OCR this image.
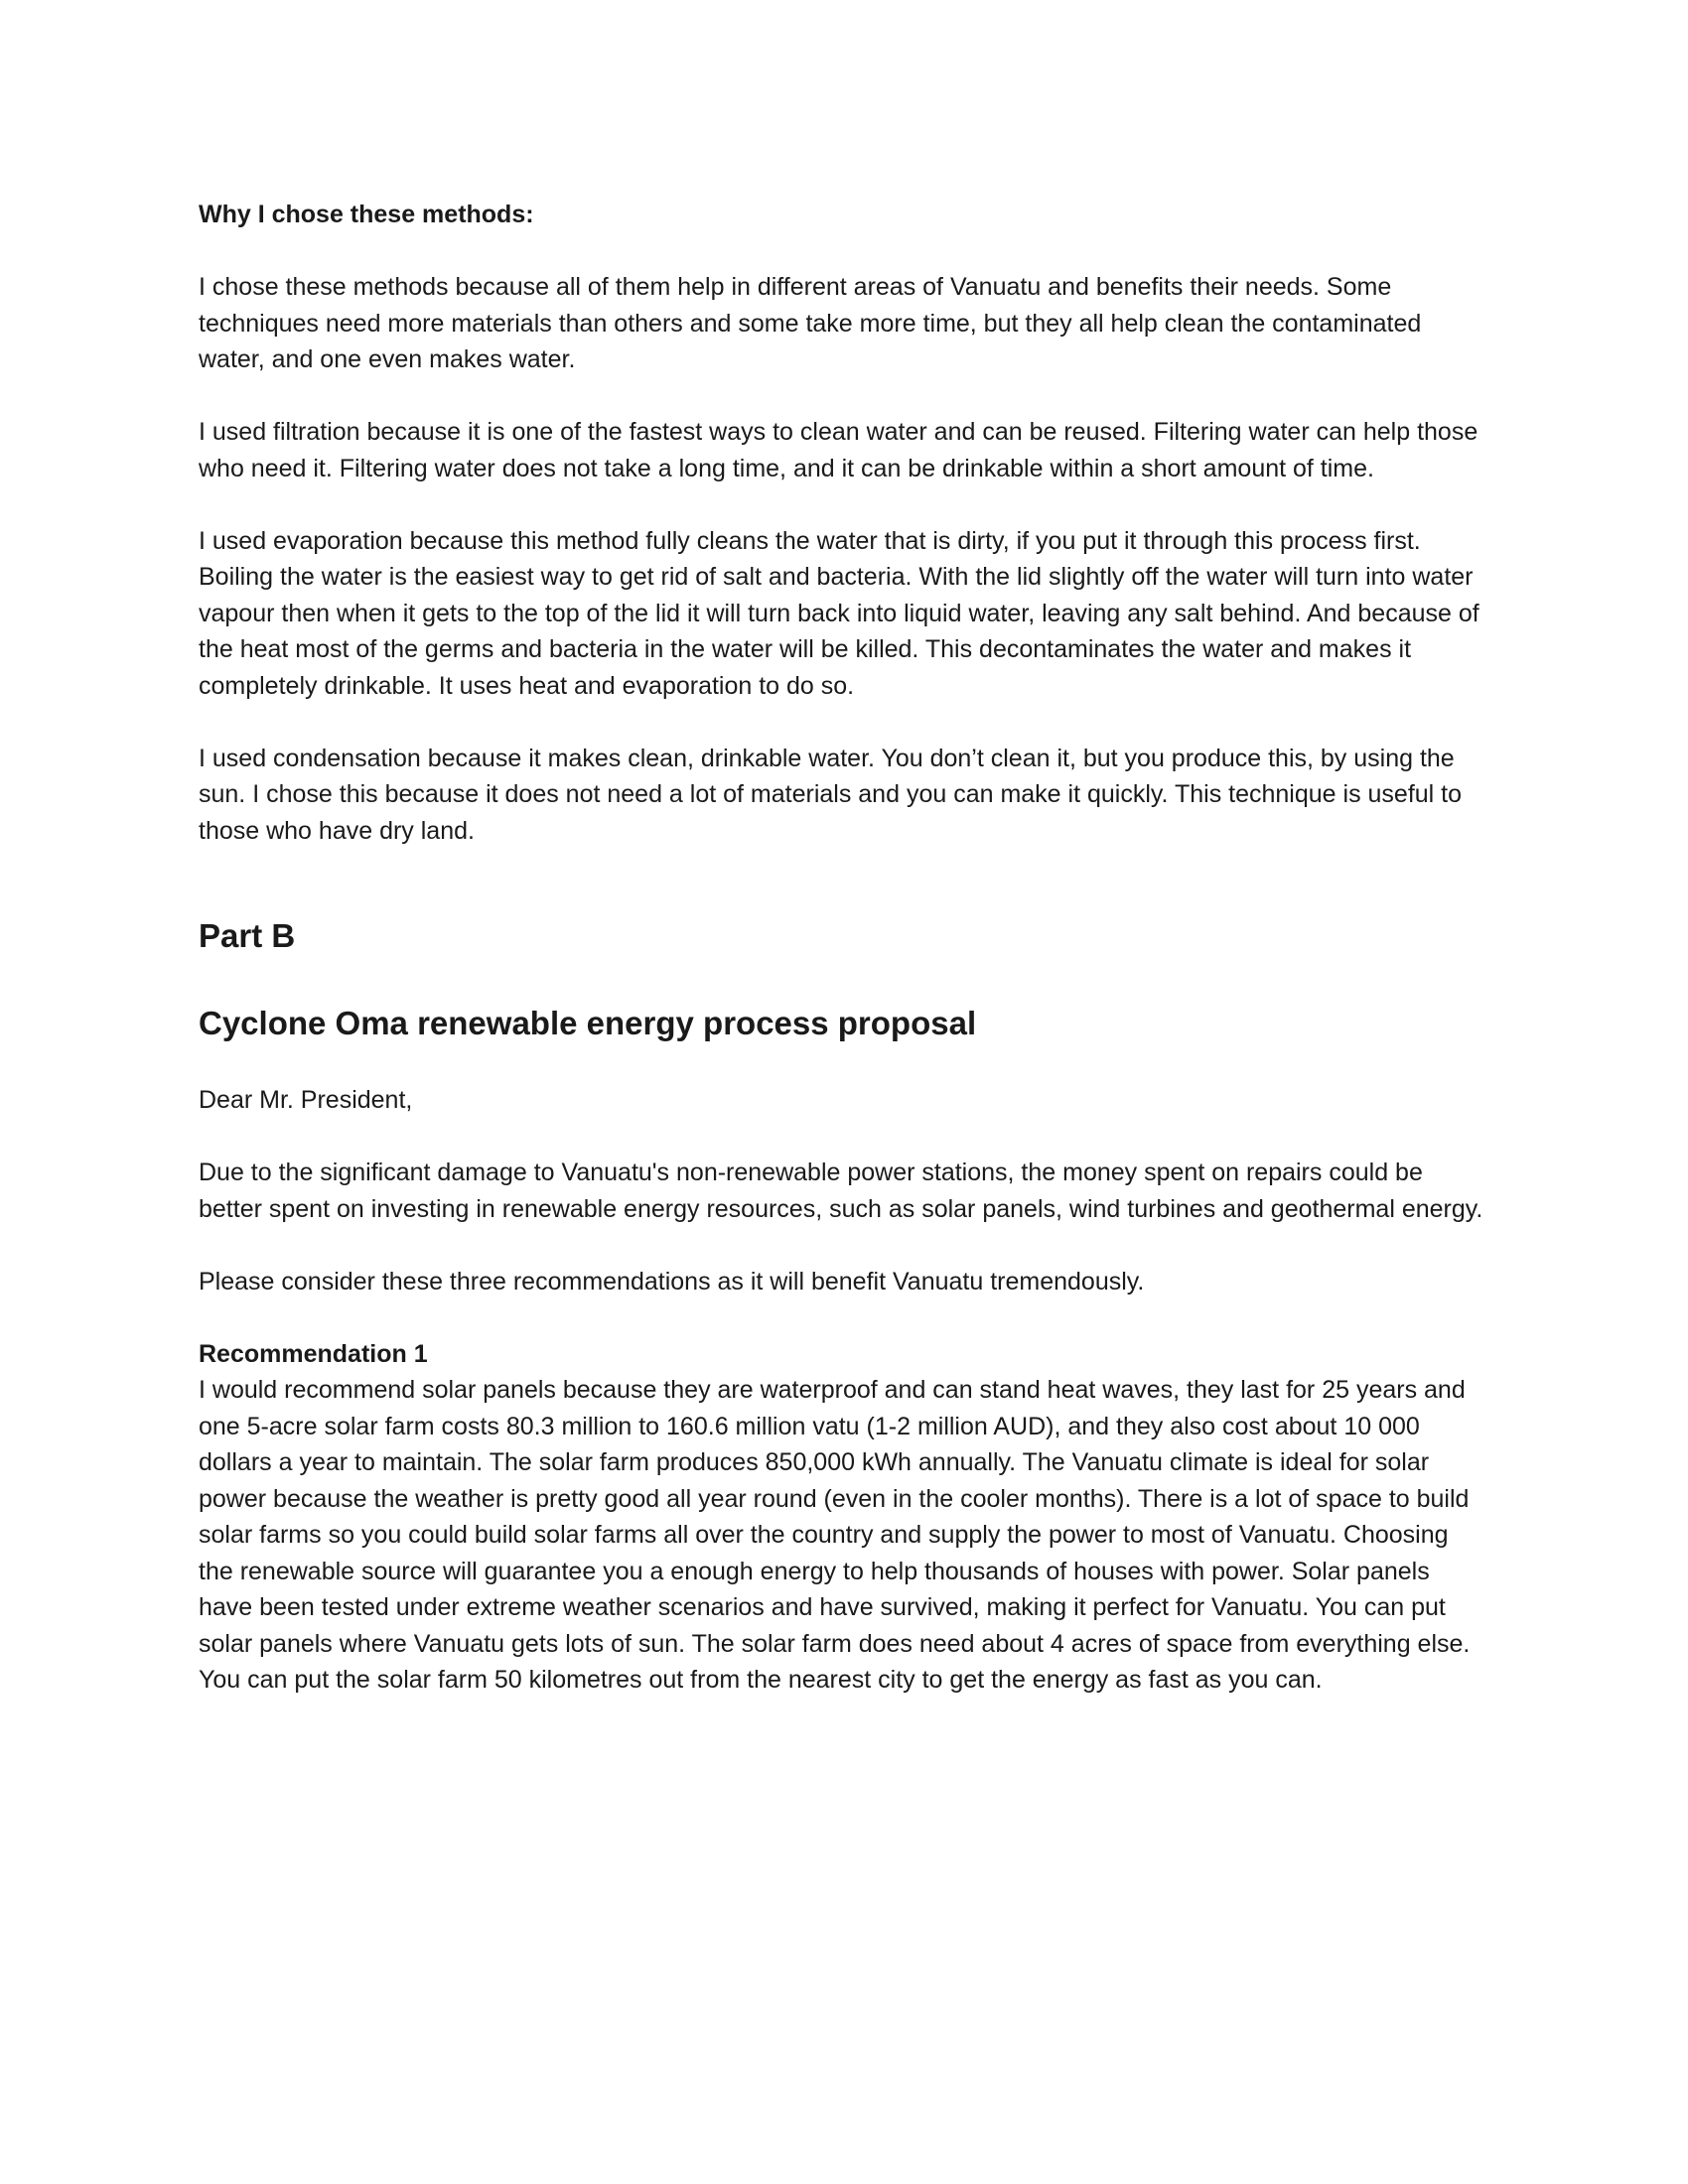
Why I chose these methods:

I chose these methods because all of them help in different areas of Vanuatu and benefits their needs. Some techniques need more materials than others and some take more time, but they all help clean the contaminated water, and one even makes water.

I used filtration because it is one of the fastest ways to clean water and can be reused. Filtering water can help those who need it. Filtering water does not take a long time, and it can be drinkable within a short amount of time.

I used evaporation because this method fully cleans the water that is dirty, if you put it through this process first. Boiling the water is the easiest way to get rid of salt and bacteria. With the lid slightly off the water will turn into water vapour then when it gets to the top of the lid it will turn back into liquid water, leaving any salt behind. And because of the heat most of the germs and bacteria in the water will be killed. This decontaminates the water and makes it completely drinkable. It uses heat and evaporation to do so.

I used condensation because it makes clean, drinkable water. You don’t clean it, but you produce this, by using the sun. I chose this because it does not need a lot of materials and you can make it quickly. This technique is useful to those who have dry land.

Part B

Cyclone Oma renewable energy process proposal

Dear Mr. President,

Due to the significant damage to Vanuatu's non-renewable power stations, the money spent on repairs could be better spent on investing in renewable energy resources, such as solar panels, wind turbines and geothermal energy.

Please consider these three recommendations as it will benefit Vanuatu tremendously.

Recommendation 1

I would recommend solar panels because they are waterproof and can stand heat waves, they last for 25 years and one 5-acre solar farm costs 80.3 million to 160.6 million vatu (1-2 million AUD), and they also cost about 10 000 dollars a year to maintain. The solar farm produces 850,000 kWh annually. The Vanuatu climate is ideal for solar power because the weather is pretty good all year round (even in the cooler months). There is a lot of space to build solar farms so you could build solar farms all over the country and supply the power to most of Vanuatu. Choosing the renewable source will guarantee you a enough energy to help thousands of houses with power. Solar panels have been tested under extreme weather scenarios and have survived, making it perfect for Vanuatu. You can put solar panels where Vanuatu gets lots of sun. The solar farm does need about 4 acres of space from everything else. You can put the solar farm 50 kilometres out from the nearest city to get the energy as fast as you can.
